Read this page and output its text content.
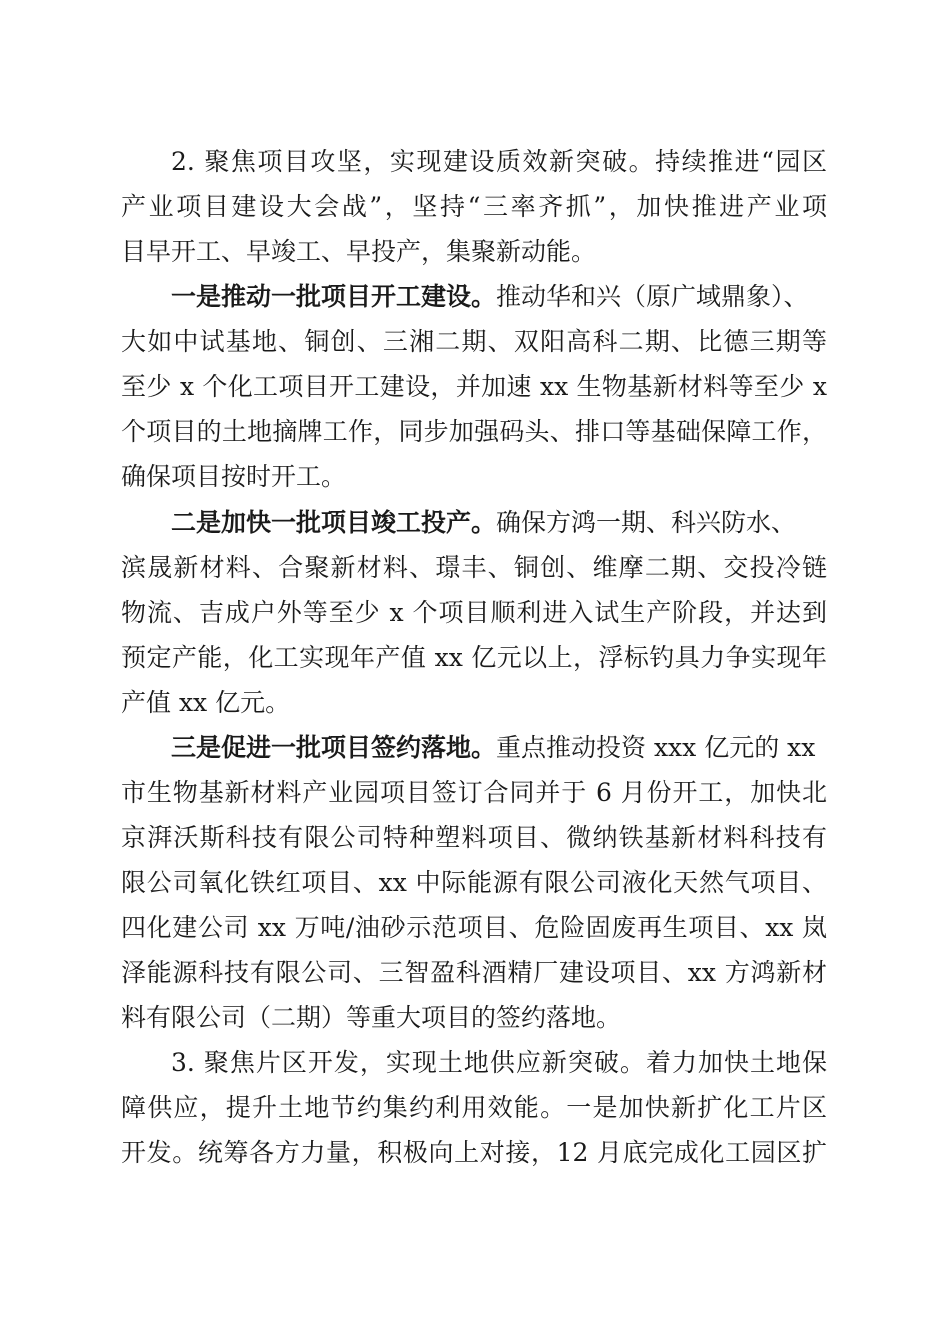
2. 聚焦项目攻坚，实现建设质效新突破。持续推进“园区
产业项目建设大会战”，坚持“三率齐抓”，加快推进产业项
目早开工、早竣工、早投产，集聚新动能。
一是推动一批项目开工建设。推动华和兴（原广域鼎象）、
大如中试基地、铜创、三湘二期、双阳高科二期、比德三期等
至少 x 个化工项目开工建设，并加速 xx 生物基新材料等至少 x
个项目的土地摘牌工作，同步加强码头、排口等基础保障工作，
确保项目按时开工。
二是加快一批项目竣工投产。确保方鸿一期、科兴防水、
滨晟新材料、合聚新材料、璟丰、铜创、维摩二期、交投冷链
物流、吉成户外等至少 x 个项目顺利进入试生产阶段，并达到
预定产能，化工实现年产值 xx 亿元以上，浮标钓具力争实现年
产值 xx 亿元。
三是促进一批项目签约落地。重点推动投资 xxx 亿元的 xx
市生物基新材料产业园项目签订合同并于 6 月份开工，加快北
京湃沃斯科技有限公司特种塑料项目、微纳铁基新材料科技有
限公司氧化铁红项目、xx 中际能源有限公司液化天然气项目、
四化建公司 xx 万吨/油砂示范项目、危险固废再生项目、xx 岚
泽能源科技有限公司、三智盈科酒精厂建设项目、xx 方鸿新材
料有限公司（二期）等重大项目的签约落地。
3. 聚焦片区开发，实现土地供应新突破。着力加快土地保
障供应，提升土地节约集约利用效能。一是加快新扩化工片区
开发。统筹各方力量，积极向上对接，12 月底完成化工园区扩
